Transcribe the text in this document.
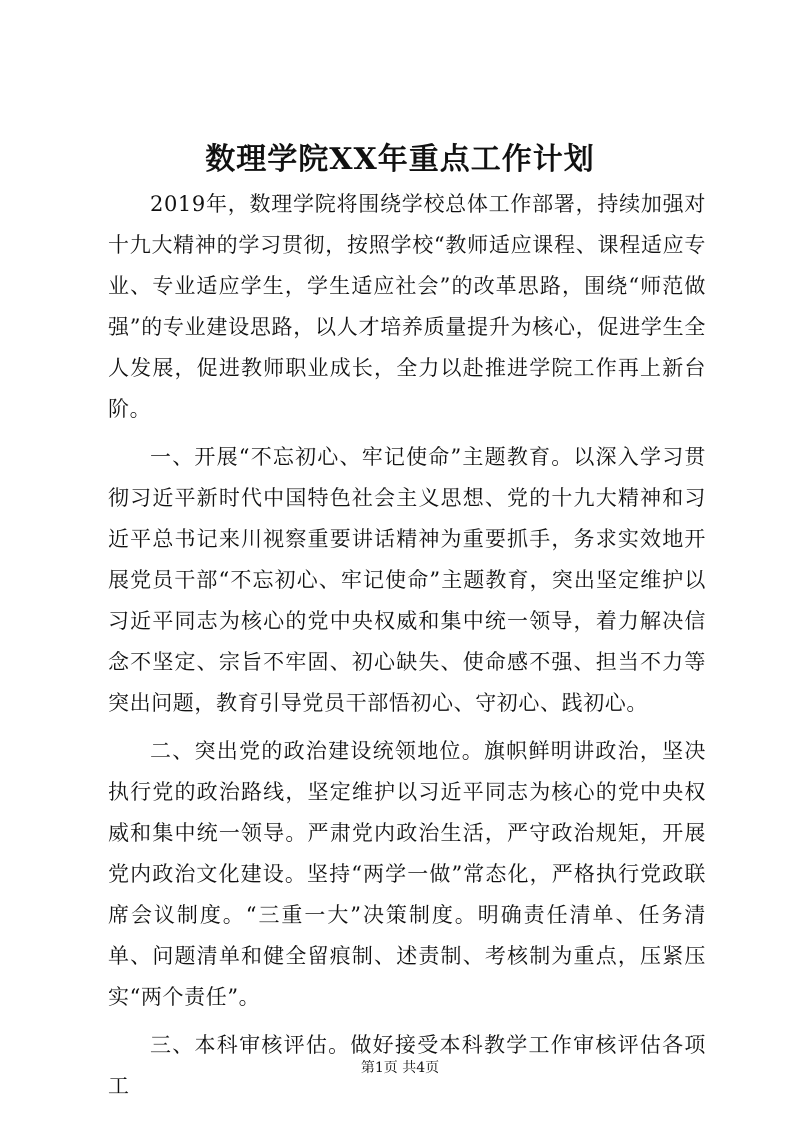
数理学院XX年重点工作计划

2019年，数理学院将围绕学校总体工作部署，持续加强对十九大精神的学习贯彻，按照学校“教师适应课程、课程适应专业、专业适应学生，学生适应社会”的改革思路，围绕“师范做强”的专业建设思路，以人才培养质量提升为核心，促进学生全人发展，促进教师职业成长，全力以赴推进学院工作再上新台阶。

一、开展“不忘初心、牢记使命”主题教育。以深入学习贯彻习近平新时代中国特色社会主义思想、党的十九大精神和习近平总书记来川视察重要讲话精神为重要抓手，务求实效地开展党员干部“不忘初心、牢记使命”主题教育，突出坚定维护以习近平同志为核心的党中央权威和集中统一领导，着力解决信念不坚定、宗旨不牢固、初心缺失、使命感不强、担当不力等突出问题，教育引导党员干部悟初心、守初心、践初心。

二、突出党的政治建设统领地位。旗帜鲜明讲政治，坚决执行党的政治路线，坚定维护以习近平同志为核心的党中央权威和集中统一领导。严肃党内政治生活，严守政治规矩，开展党内政治文化建设。坚持“两学一做”常态化，严格执行党政联席会议制度。“三重一大”决策制度。明确责任清单、任务清单、问题清单和健全留痕制、述责制、考核制为重点，压紧压实“两个责任”。

三、本科审核评估。做好接受本科教学工作审核评估各项工

第1页 共4页
